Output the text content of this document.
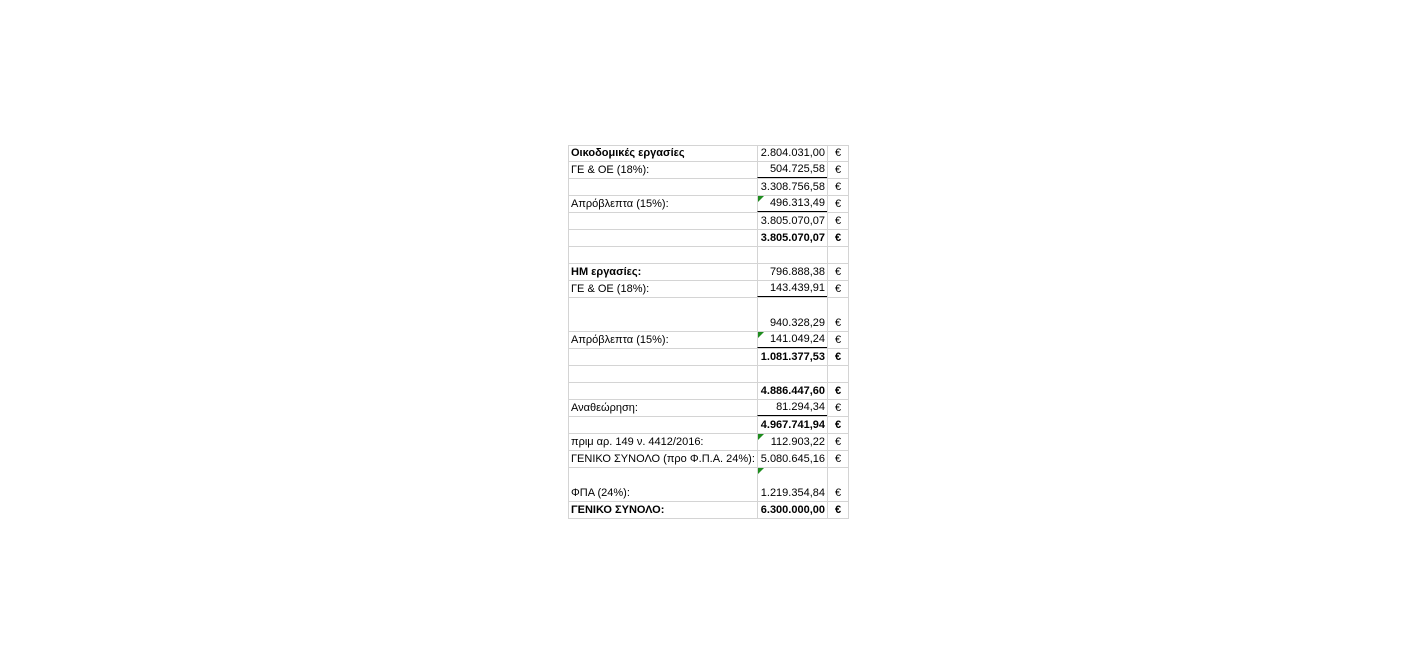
Οικοδομικές εργασίες	2.804.031,00 €
ΓΕ & ΟΕ (18%):	504.725,58 €
3.308.756,58 €
Απρόβλεπτα (15%):	496.313,49 €
3.805.070,07 €
3.805.070,07 €
ΗΜ εργασίες:	796.888,38 €
ΓΕ & ΟΕ (18%):	143.439,91 €
940.328,29 €
Απρόβλεπτα (15%):	141.049,24 €
1.081.377,53 €
4.886.447,60 €
Αναθεώρηση:	81.294,34 €
4.967.741,94 €
πριμ αρ. 149 ν. 4412/2016:	112.903,22 €
ΓΕΝΙΚΟ ΣΥΝΟΛΟ (προ Φ.Π.Α. 24%): 5.080.645,16 €
ΦΠΑ (24%):	1.219.354,84 €
ΓΕΝΙΚΟ ΣΥΝΟΛΟ:	6.300.000,00 €
